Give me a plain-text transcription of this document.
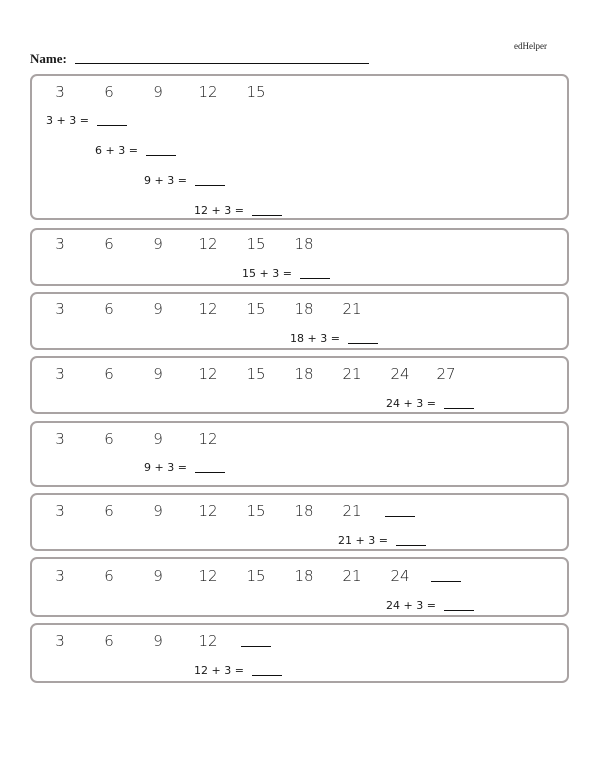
edHelper
Name:
3	6	9	12	15
3 + 3 =
6 + 3 =
9 + 3 =
12 + 3 =
3	6	9	12	15	18
15 + 3 =
3	6	9	12	15	18	21
18 + 3 =
3	6	9	12	15	18	21	24	27
24 + 3 =
3	6	9	12
9 + 3 =
3	6	9	12	15	18	21
21 + 3 =
3	6	9	12	15	18	21	24
24 + 3 =
3	6	9	12
12 + 3 =
